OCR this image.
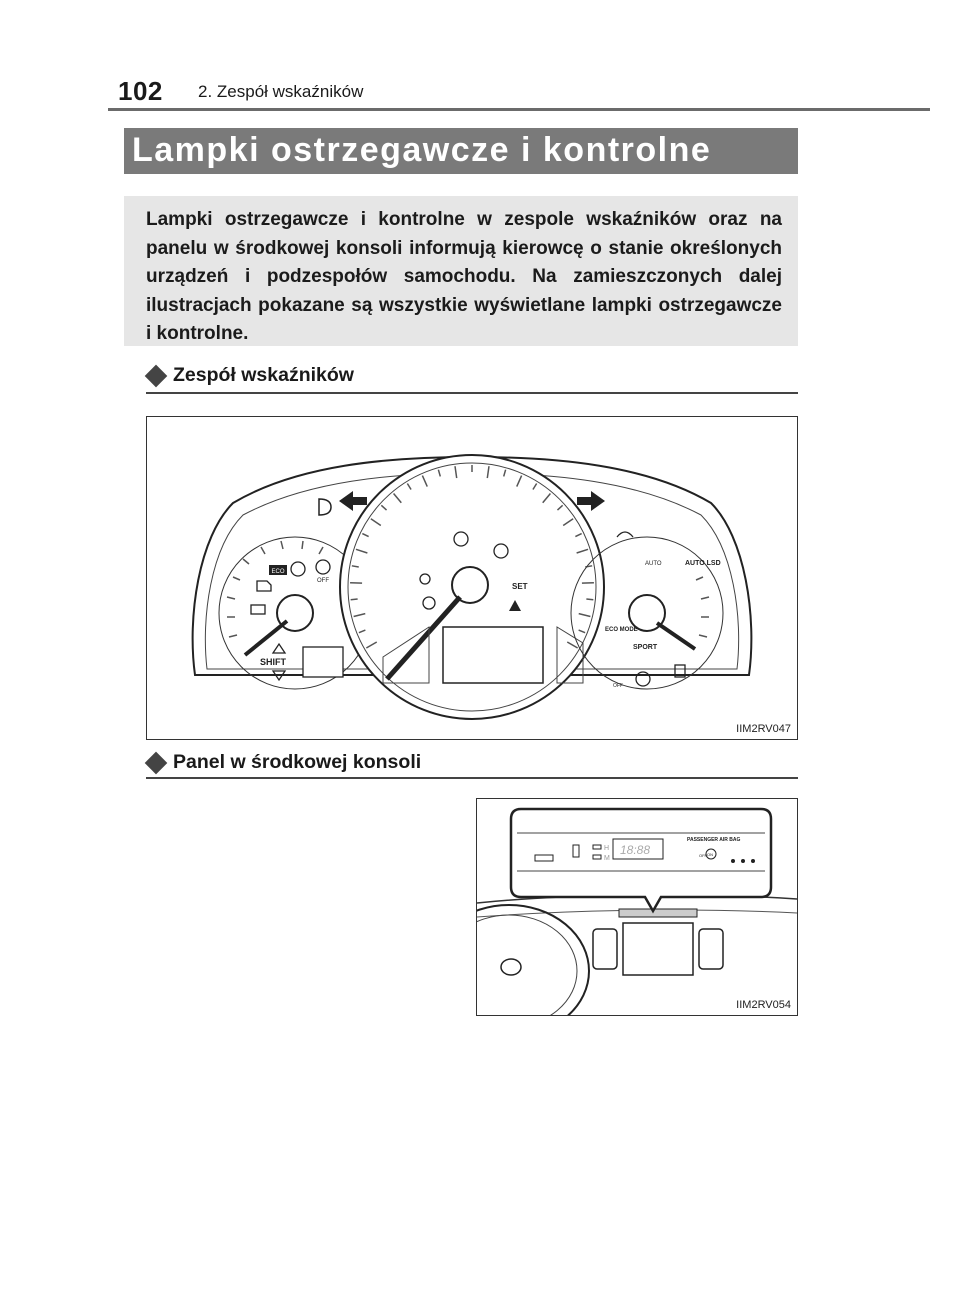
102 2. Zespół wskaźników
Lampki ostrzegawcze i kontrolne
Lampki ostrzegawcze i kontrolne w zespole wskaźników oraz na panelu w środkowej konsoli informują kierowcę o stanie określonych urządzeń i podzespołów samochodu. Na zamieszczonych dalej ilustracjach pokazane są wszystkie wyświetlane lampki ostrzegawcze i kontrolne.
Zespół wskaźników
ECO
OFF
SHIFT
SET
AUTO	AUTO LSD
ECO MODE
SPORT
OFF
IIM2RV047
Panel w środkowej konsoli
H
M
18:88
PASSENGER AIR BAG
OFF ON
IIM2RV054
